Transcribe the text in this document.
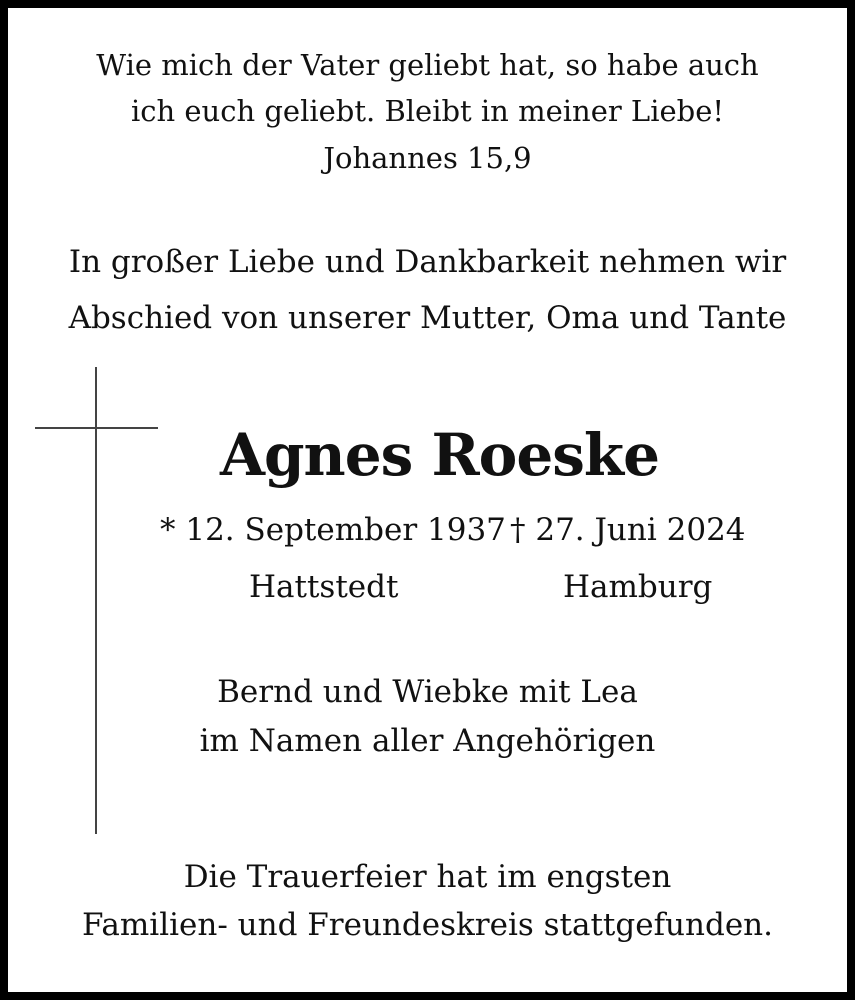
Wie mich der Vater geliebt hat, so habe auch
ich euch geliebt. Bleibt in meiner Liebe!
Johannes 15,9
In großer Liebe und Dankbarkeit nehmen wir
Abschied von unserer Mutter, Oma und Tante
Agnes Roeske
* 12. September 1937 † 27. Juni 2024
Hattstedt	Hamburg
Bernd und Wiebke mit Lea
im Namen aller Angehörigen
Die Trauerfeier hat im engsten
Familien- und Freundeskreis stattgefunden.
